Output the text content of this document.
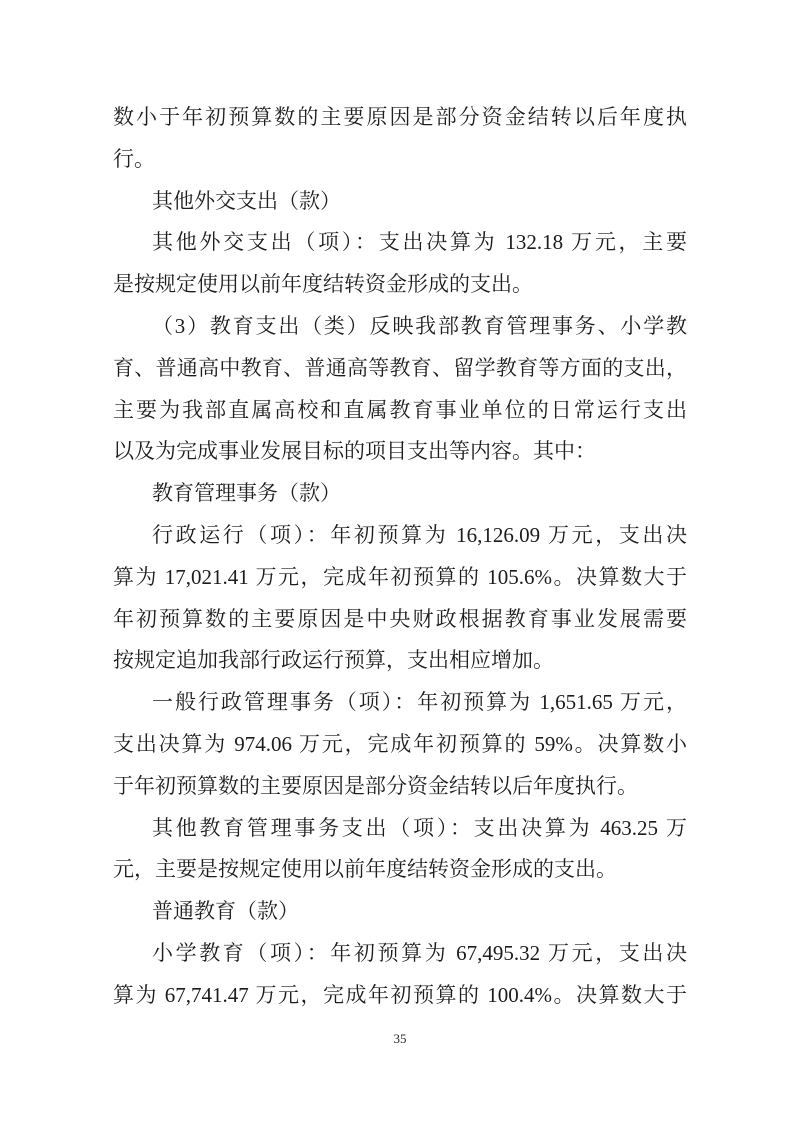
数小于年初预算数的主要原因是部分资金结转以后年度执
行。
其他外交支出（款）
其他外交支出（项）：支出决算为 132.18 万元，主要
是按规定使用以前年度结转资金形成的支出。
（3）教育支出（类）反映我部教育管理事务、小学教
育、普通高中教育、普通高等教育、留学教育等方面的支出，
主要为我部直属高校和直属教育事业单位的日常运行支出
以及为完成事业发展目标的项目支出等内容。其中：
教育管理事务（款）
行政运行（项）：年初预算为 16,126.09 万元，支出决
算为 17,021.41 万元，完成年初预算的 105.6%。决算数大于
年初预算数的主要原因是中央财政根据教育事业发展需要
按规定追加我部行政运行预算，支出相应增加。
一般行政管理事务（项）：年初预算为 1,651.65 万元，
支出决算为 974.06 万元，完成年初预算的 59%。决算数小
于年初预算数的主要原因是部分资金结转以后年度执行。
其他教育管理事务支出（项）：支出决算为 463.25 万
元，主要是按规定使用以前年度结转资金形成的支出。
普通教育（款）
小学教育（项）：年初预算为 67,495.32 万元，支出决
算为 67,741.47 万元，完成年初预算的 100.4%。决算数大于
35
